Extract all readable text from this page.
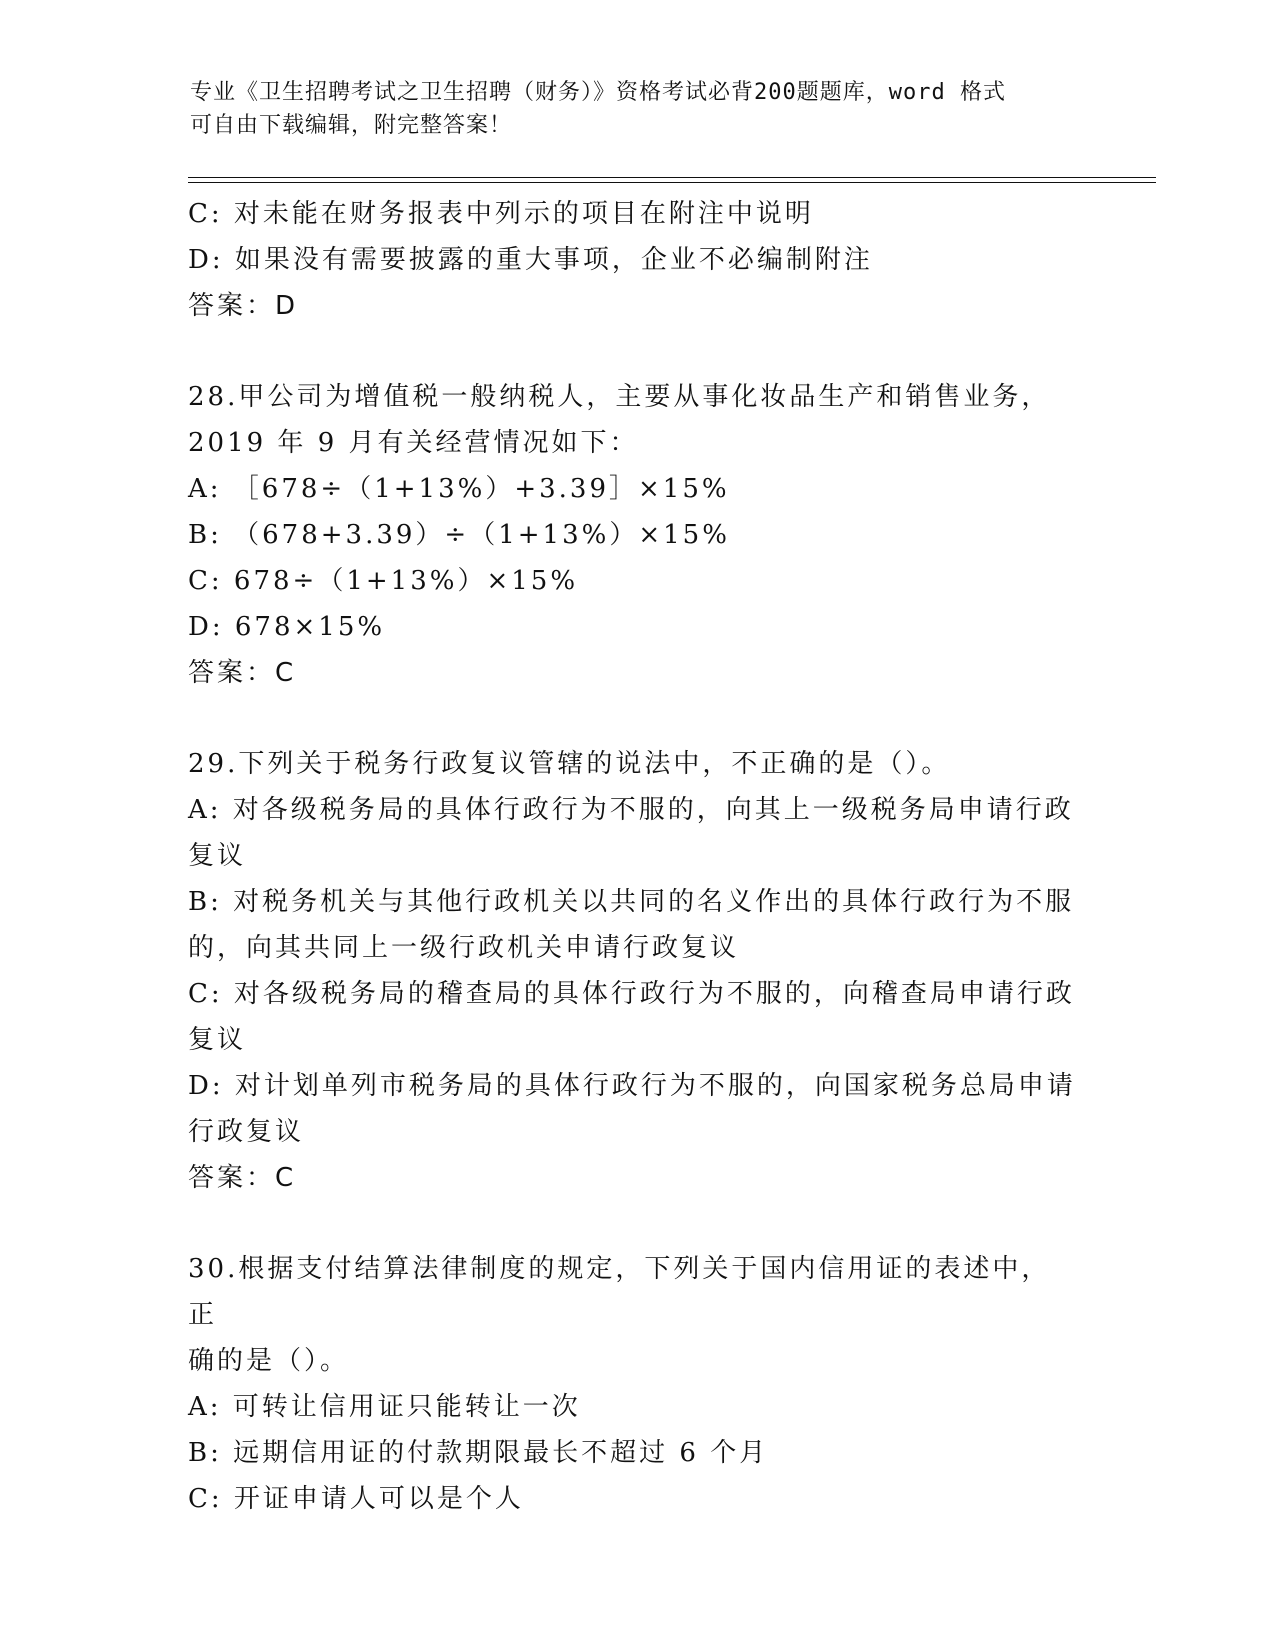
专业《卫生招聘考试之卫生招聘（财务）》资格考试必背200题题库，word 格式
可自由下载编辑，附完整答案！
C: 对未能在财务报表中列示的项目在附注中说明
D: 如果没有需要披露的重大事项，企业不必编制附注
答案：D
28.甲公司为增值税一般纳税人，主要从事化妆品生产和销售业务，
2019 年 9 月有关经营情况如下：
A: ［678÷（1+13%）+3.39］×15%
B: （678+3.39）÷（1+13%）×15%
C: 678÷（1+13%）×15%
D: 678×15%
答案：C
29.下列关于税务行政复议管辖的说法中，不正确的是（）。
A: 对各级税务局的具体行政行为不服的，向其上一级税务局申请行政
复议
B: 对税务机关与其他行政机关以共同的名义作出的具体行政行为不服
的，向其共同上一级行政机关申请行政复议
C: 对各级税务局的稽查局的具体行政行为不服的，向稽查局申请行政
复议
D: 对计划单列市税务局的具体行政行为不服的，向国家税务总局申请
行政复议
答案：C
30.根据支付结算法律制度的规定，下列关于国内信用证的表述中，正
确的是（）。
A: 可转让信用证只能转让一次
B: 远期信用证的付款期限最长不超过 6 个月
C: 开证申请人可以是个人
